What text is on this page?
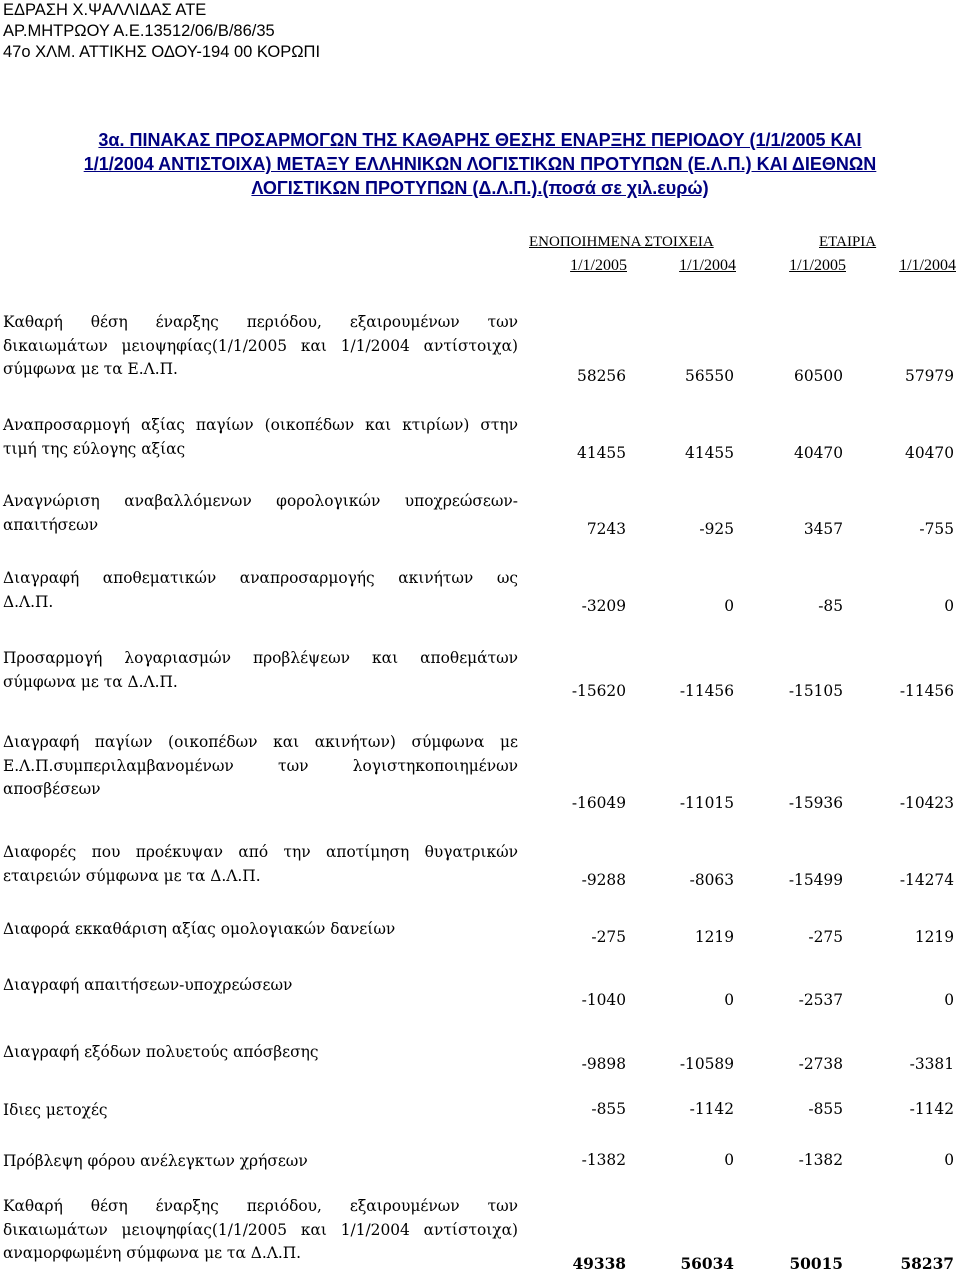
ΕΔΡΑΣΗ Χ.ΨΑΛΛΙΔΑΣ ΑΤΕ
ΑΡ.ΜΗΤΡΩΟΥ Α.Ε.13512/06/Β/86/35
47ο ΧΛΜ. ΑΤΤΙΚΗΣ ΟΔΟΥ-194 00 ΚΟΡΩΠΙ
3α. ΠΙΝΑΚΑΣ ΠΡΟΣΑΡΜΟΓΩΝ ΤΗΣ ΚΑΘΑΡΗΣ ΘΕΣΗΣ ΕΝΑΡΞΗΣ ΠΕΡΙΟΔΟΥ (1/1/2005 ΚΑΙ
1/1/2004 ΑΝΤΙΣΤΟΙΧΑ) ΜΕΤΑΞΥ ΕΛΛΗΝΙΚΩΝ ΛΟΓΙΣΤΙΚΩΝ ΠΡΟΤΥΠΩΝ (Ε.Λ.Π.) ΚΑΙ ΔΙΕΘΝΩΝ
ΛΟΓΙΣΤΙΚΩΝ ΠΡΟΤΥΠΩΝ (Δ.Λ.Π.).(ποσά σε χιλ.ευρώ)
ΕΝΟΠΟΙΗΜΕΝΑ ΣΤΟΙΧΕΙΑ	ΕΤΑΙΡΙΑ
1/1/2005	1/1/2004	1/1/2005	1/1/2004
Καθαρή θέση έναρξης περιόδου, εξαιρουμένων των
δικαιωμάτων μειοψηφίας(1/1/2005 και 1/1/2004 αντίστοιχα)
σύμφωνα με τα Ε.Λ.Π.	58256	56550	60500	57979
Αναπροσαρμογή αξίας παγίων (οικοπέδων και κτιρίων) στην
τιμή της εύλογης αξίας	41455	41455	40470	40470
Αναγνώριση αναβαλλόμενων φορολογικών υποχρεώσεων-
απαιτήσεων	7243	-925	3457	-755
Διαγραφή αποθεματικών αναπροσαρμογής ακινήτων ως
Δ.Λ.Π.	-3209	0	-85	0
Προσαρμογή λογαριασμών προβλέψεων και αποθεμάτων
σύμφωνα με τα Δ.Λ.Π.
-15620	-11456	-15105	-11456
Διαγραφή παγίων (οικοπέδων και ακινήτων) σύμφωνα με
Ε.Λ.Π.συμπεριλαμβανομένων των λογιστηκοποιημένων
αποσβέσεων
-16049	-11015	-15936	-10423
Διαφορές που προέκυψαν από την αποτίμηση θυγατρικών
εταιρειών σύμφωνα με τα Δ.Λ.Π.	-9288	-8063	-15499	-14274
Διαφορά εκκαθάριση αξίας ομολογιακών δανείων	-275	1219	-275	1219
Διαγραφή απαιτήσεων-υποχρεώσεων
-1040	0	-2537	0
Διαγραφή εξόδων πολυετούς απόσβεσης
-9898	-10589	-2738	-3381
Ιδιες μετοχές	-855	-1142	-855	-1142
Πρόβλεψη φόρου ανέλεγκτων χρήσεων	-1382	0	-1382	0
Καθαρή θέση έναρξης περιόδου, εξαιρουμένων των
δικαιωμάτων μειοψηφίας(1/1/2005 και 1/1/2004 αντίστοιχα)
αναμορφωμένη σύμφωνα με τα Δ.Λ.Π.
49338	56034	50015	58237
